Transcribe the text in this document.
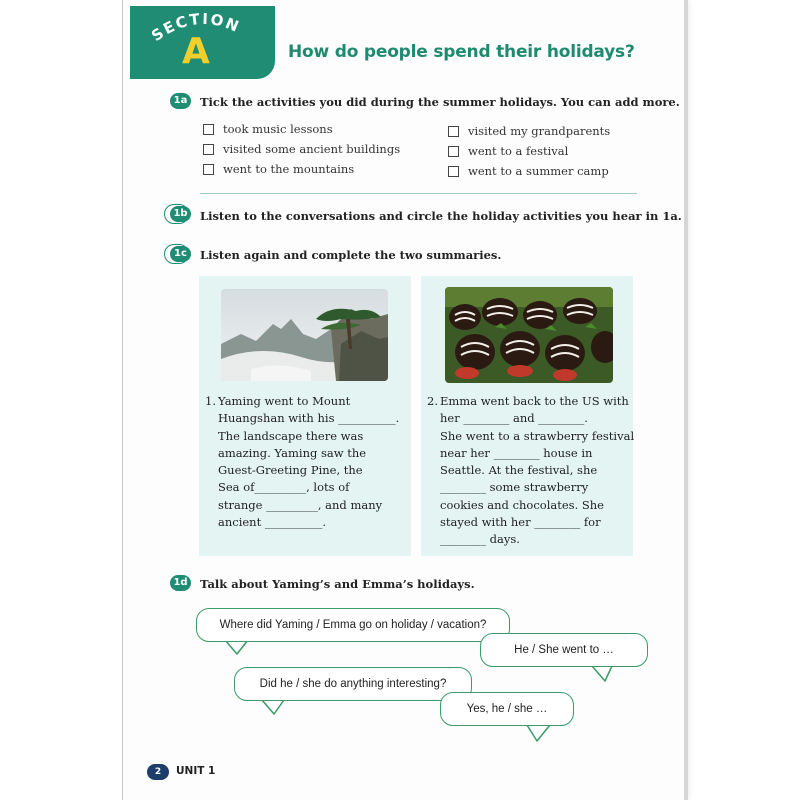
SECTION
A	How do people spend their holidays?
1a	Tick the activities you did during the summer holidays. You can add more.
took music lessons
visited some ancient buildings
went to the mountains
visited my grandparents
went to a festival
went to a summer camp
1b Listen to the conversations and circle the holiday activities you hear in 1a.
1c	Listen again and complete the two summaries.
1. Yaming went to Mount
Huangshan with his __________.
The landscape there was
amazing. Yaming saw the
Guest-Greeting Pine, the
Sea of_________, lots of
strange _________, and many
ancient __________.
2. Emma went back to the US with
her ________ and ________.
She went to a strawberry festival
near her ________ house in
Seattle. At the festival, she
________ some strawberry
cookies and chocolates. She
stayed with her ________ for
________ days.
1d Talk about Yaming’s and Emma’s holidays.
Where did Yaming / Emma go on holiday / vacation?
He / She went to …
Did he / she do anything interesting?
Yes, he / she …
2	UNIT 1
